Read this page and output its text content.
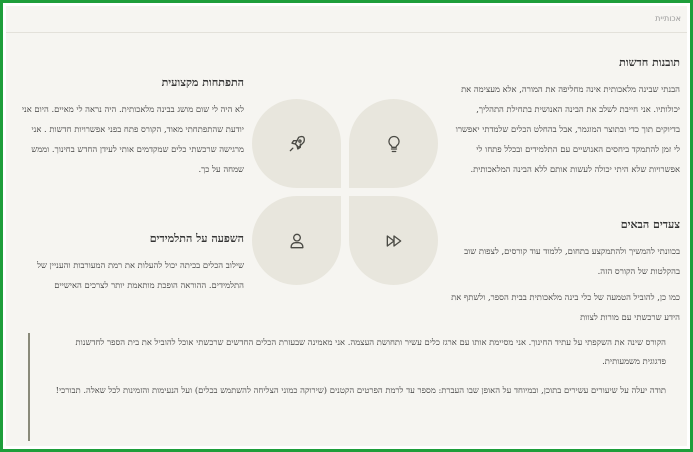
אכותיית
תובנות חדשות

הבנתי שבינה מלאכותית אינה מחליפה את המורה, אלא מעצימה את יכולותיו. אני חייבת לשלב את הבינה האנושית בתחילת התהליך, בדיוקים תוך כדי ובתוצר המוגמר, אבל בהחלט הכלים שלמדתי יאפשרו לי זמן להתמקד ביחסים האנושיים עם התלמידים ובכלל פתחו לי אפשרויות שלא היתי יכולה לעשות אותם ללא הבינה המלאכותית.

צעדים הבאים

בכוונתי להמשיך ולהתמקצע בתחום, ללמוד עוד קורסים, לצפות שוב בהקלטות של הקורס הזה.

כמו כן, להוביל הטמעה של כלי בינה מלאכותית בבית הספר, ולשתף את הידע שרכשתי עם מורות לצוות

התפתחות מקצועית

לא היה לי שום מושג בבינה מלאכותית. היה נראה לי מאיים. היום אני יודעת שהתפתחתי מאוד, הקורס פתח בפני אפשרויות חדשות . אני מרגישה שרכשתי כלים שמקדמים אותי לעידן החדש בחינוך. וממש שמחה על כך.

השפעה על התלמידים

שילוב הכלים בכיתה יכול להעלות את רמת המעורבות והעניין של התלמידים. ההוראה הופכת מותאמת יותר לצרכים האישיים

הקורס שינה את השקפתי על עתיד החינוך. אני מסיימת אותו עם ארגז כלים עשיר ותחושת העצמה. אני מאמינה שבעזרת הכלים החדשים שרכשתי אוכל להוביל את בית הספר לחדשנות פדגוגית משמעותית.

תודה יעלה על שיעורים עשירים בתוכן, ובמיוחד על האופן שבו העברת: מספר עד לרמת הפרטים הקטנים (שירוקה כמוני הצליחה להשתמש בכלים) ועל הנעימות והזמינות לכל שאלה. תבורכי!
